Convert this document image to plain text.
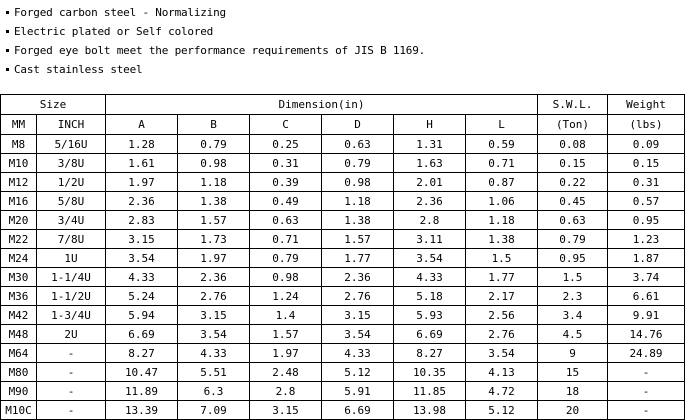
Forged carbon steel - Normalizing
Electric plated or Self colored
Forged eye bolt meet the performance requirements of JIS B 1169.
Cast stainless steel
Size		Dimension(in)						S.W.L.	Weight
MM	INCH	A	B	C	D	H	L	(Ton)	(lbs)
M8	5/16U	1.28	0.79	0.25	0.63	1.31	0.59	0.08	0.09
M10	3/8U	1.61	0.98	0.31	0.79	1.63	0.71	0.15	0.15
M12	1/2U	1.97	1.18	0.39	0.98	2.01	0.87	0.22	0.31
M16	5/8U	2.36	1.38	0.49	1.18	2.36	1.06	0.45	0.57
M20	3/4U	2.83	1.57	0.63	1.38	2.8	1.18	0.63	0.95
M22	7/8U	3.15	1.73	0.71	1.57	3.11	1.38	0.79	1.23
M24	1U	3.54	1.97	0.79	1.77	3.54	1.5	0.95	1.87
M30	1-1/4U	4.33	2.36	0.98	2.36	4.33	1.77	1.5	3.74
M36	1-1/2U	5.24	2.76	1.24	2.76	5.18	2.17	2.3	6.61
M42	1-3/4U	5.94	3.15	1.4	3.15	5.93	2.56	3.4	9.91
M48	2U	6.69	3.54	1.57	3.54	6.69	2.76	4.5	14.76
M64	-	8.27	4.33	1.97	4.33	8.27	3.54	9	24.89
M80	-	10.47	5.51	2.48	5.12	10.35	4.13	15	-
M90	-	11.89	6.3	2.8	5.91	11.85	4.72	18	-
M10C	-	13.39	7.09	3.15	6.69	13.98	5.12	20	-
